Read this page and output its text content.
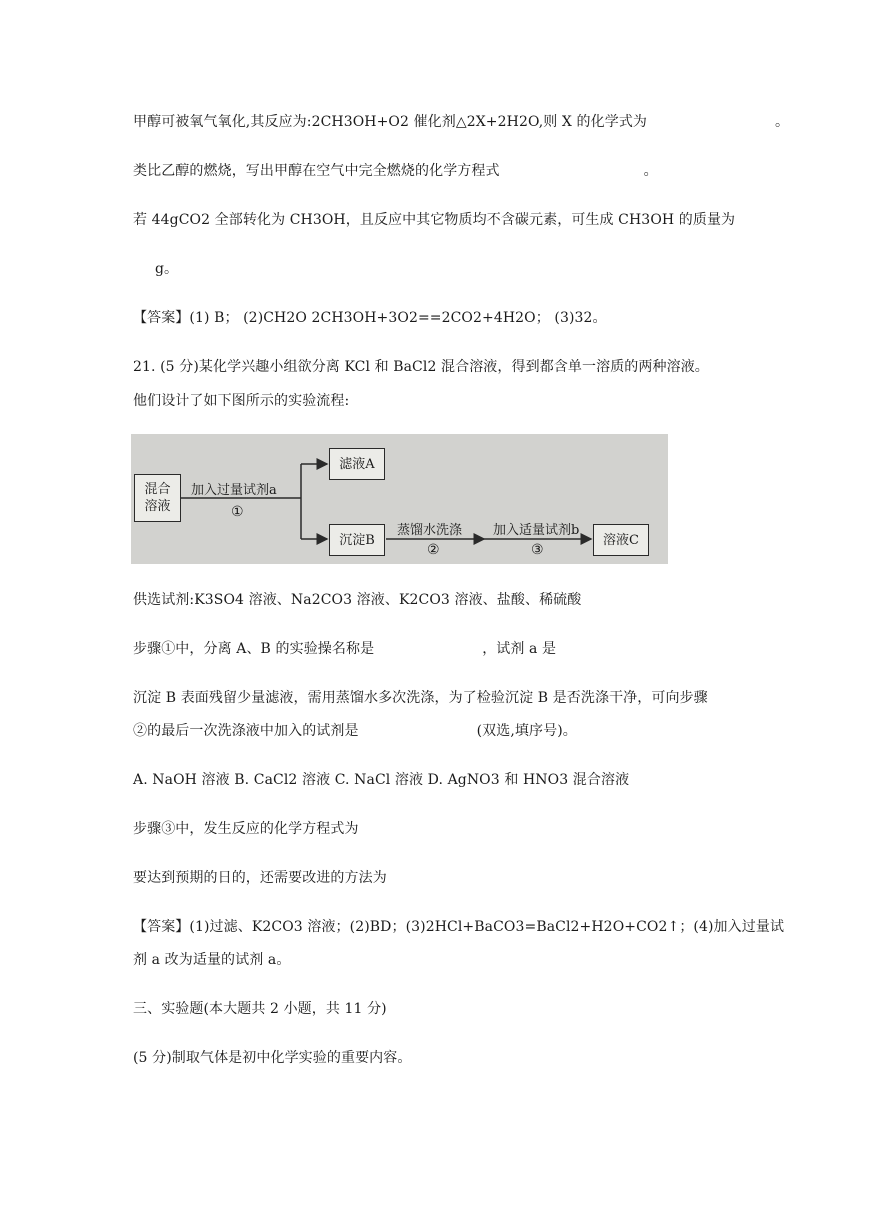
甲醇可被氧气氧化,其反应为:2CH3OH+O2 催化剂△2X+2H2O,则 X 的化学式为	。
类比乙醇的燃烧，写出甲醇在空气中完全燃烧的化学方程式	。
若 44gCO2 全部转化为 CH3OH，且反应中其它物质均不含碳元素，可生成 CH3OH 的质量为
g。
【答案】(1) B； (2)CH2O 2CH3OH+3O2==2CO2+4H2O； (3)32。
21. (5 分)某化学兴趣小组欲分离 KCl 和 BaCl2 混合溶液，得到都含单一溶质的两种溶液。
他们设计了如下图所示的实验流程:
混合
溶液
加入过量试剂a
①
滤液A
沉淀B
蒸馏水洗涤
②
加入适量试剂b
③
溶液C
供选试剂:K3SO4 溶液、Na2CO3 溶液、K2CO3 溶液、盐酸、稀硫酸
步骤①中，分离 A、B 的实验操名称是	，试剂 a 是
沉淀 B 表面残留少量滤液，需用蒸馏水多次洗涤，为了检验沉淀 B 是否洗涤干净，可向步骤
②的最后一次洗涤液中加入的试剂是	(双选,填序号)。
A. NaOH 溶液 B. CaCl2 溶液 C. NaCl 溶液 D. AgNO3 和 HNO3 混合溶液
步骤③中，发生反应的化学方程式为
要达到预期的日的，还需要改进的方法为
【答案】(1)过滤、K2CO3 溶液；(2)BD；(3)2HCl+BaCO3=BaCl2+H2O+CO2↑；(4)加入过量试
剂 a 改为适量的试剂 a。
三、实验题(本大题共 2 小题，共 11 分)
(5 分)制取气体是初中化学实验的重要内容。
